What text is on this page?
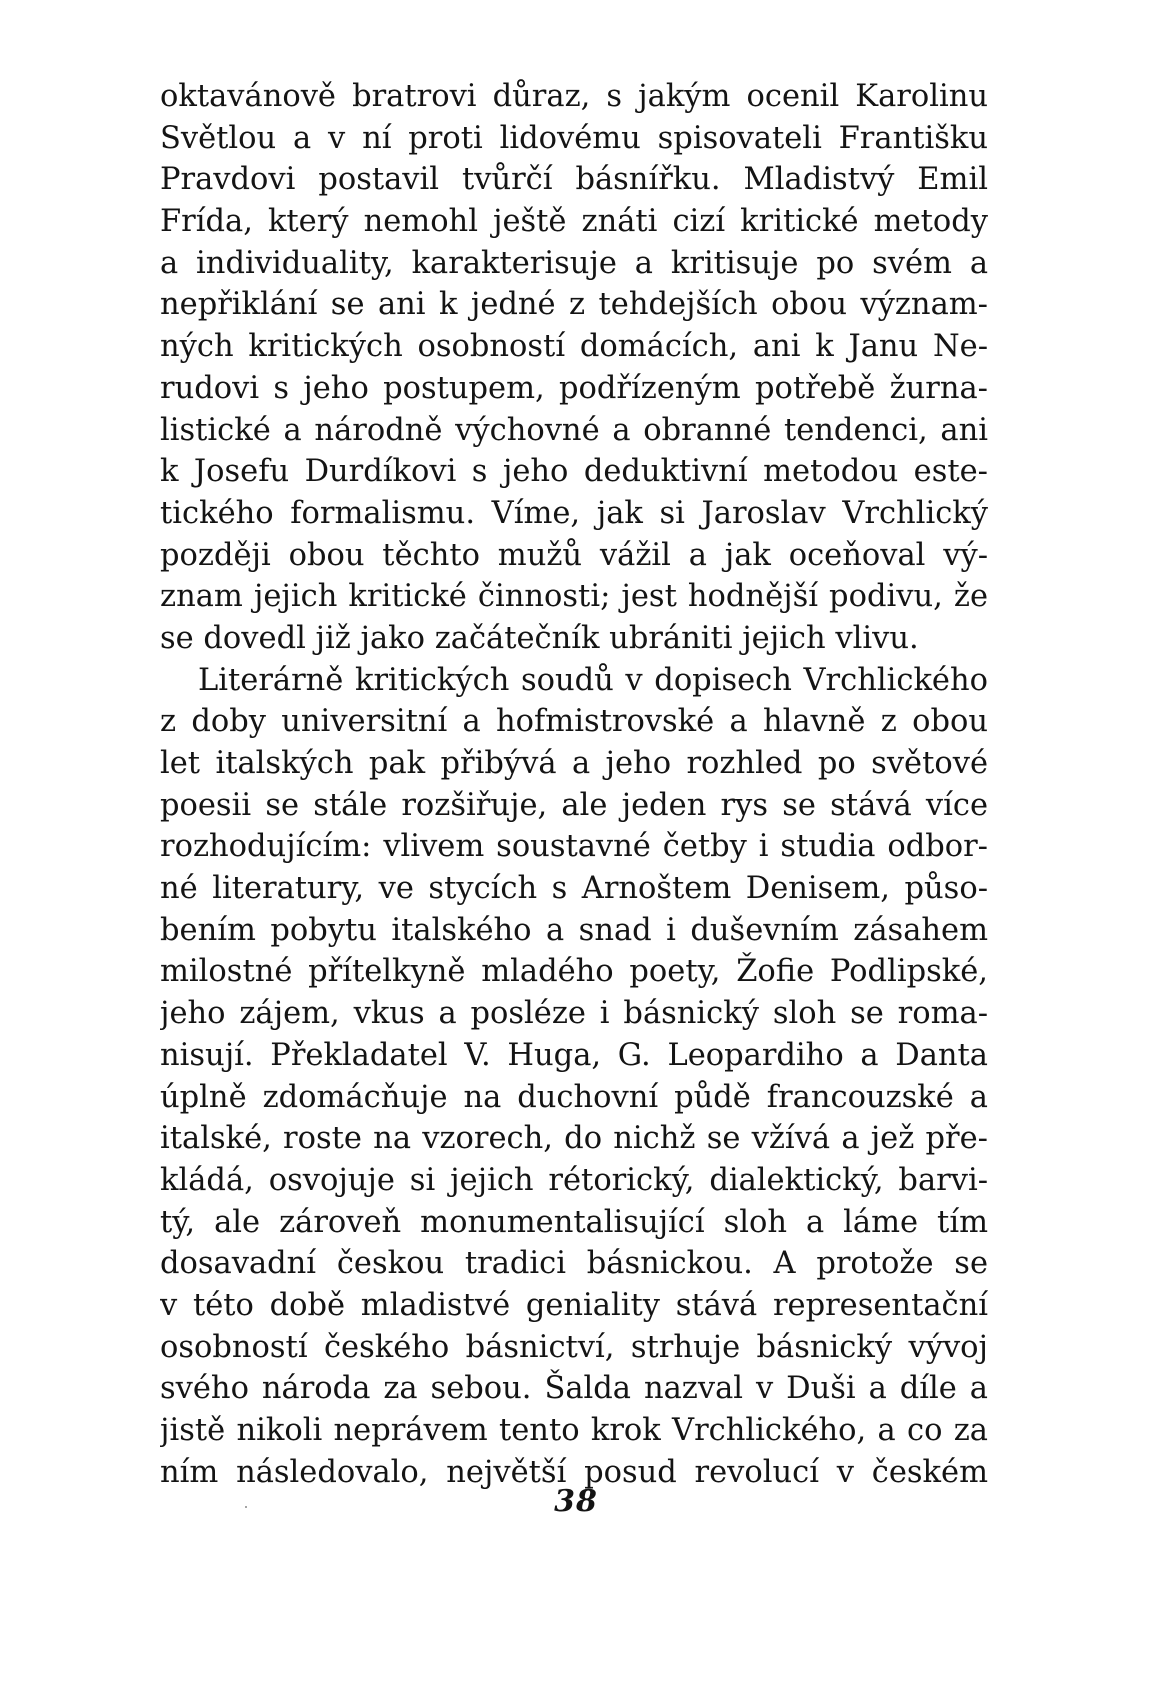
oktavánově bratrovi důraz, s jakým ocenil Karolinu
Světlou a v ní proti lidovému spisovateli Františku
Pravdovi postavil tvůrčí básnířku. Mladistvý Emil
Frída, který nemohl ještě znáti cizí kritické metody
a individuality, karakterisuje a kritisuje po svém a
nepřiklání se ani k jedné z tehdejších obou význam-
ných kritických osobností domácích, ani k Janu Ne-
rudovi s jeho postupem, podřízeným potřebě žurna-
listické a národně výchovné a obranné tendenci, ani
k Josefu Durdíkovi s jeho deduktivní metodou este-
tického formalismu. Víme, jak si Jaroslav Vrchlický
později obou těchto mužů vážil a jak oceňoval vý-
znam jejich kritické činnosti; jest hodnější podivu, že
se dovedl již jako začátečník ubrániti jejich vlivu.
Literárně kritických soudů v dopisech Vrchlického
z doby universitní a hofmistrovské a hlavně z obou
let italských pak přibývá a jeho rozhled po světové
poesii se stále rozšiřuje, ale jeden rys se stává více
rozhodujícím: vlivem soustavné četby i studia odbor-
né literatury, ve stycích s Arnoštem Denisem, půso-
bením pobytu italského a snad i duševním zásahem
milostné přítelkyně mladého poety, Žofie Podlipské,
jeho zájem, vkus a posléze i básnický sloh se roma-
nisují. Překladatel V. Huga, G. Leopardiho a Danta
úplně zdomácňuje na duchovní půdě francouzské a
italské, roste na vzorech, do nichž se vžívá a jež pře-
kládá, osvojuje si jejich rétorický, dialektický, barvi-
tý, ale zároveň monumentalisující sloh a láme tím
dosavadní českou tradici básnickou. A protože se
v této době mladistvé geniality stává representační
osobností českého básnictví, strhuje básnický vývoj
svého národa za sebou. Šalda nazval v Duši a díle a
jistě nikoli neprávem tento krok Vrchlického, a co za
ním následovalo, největší posud revolucí v českém
38
